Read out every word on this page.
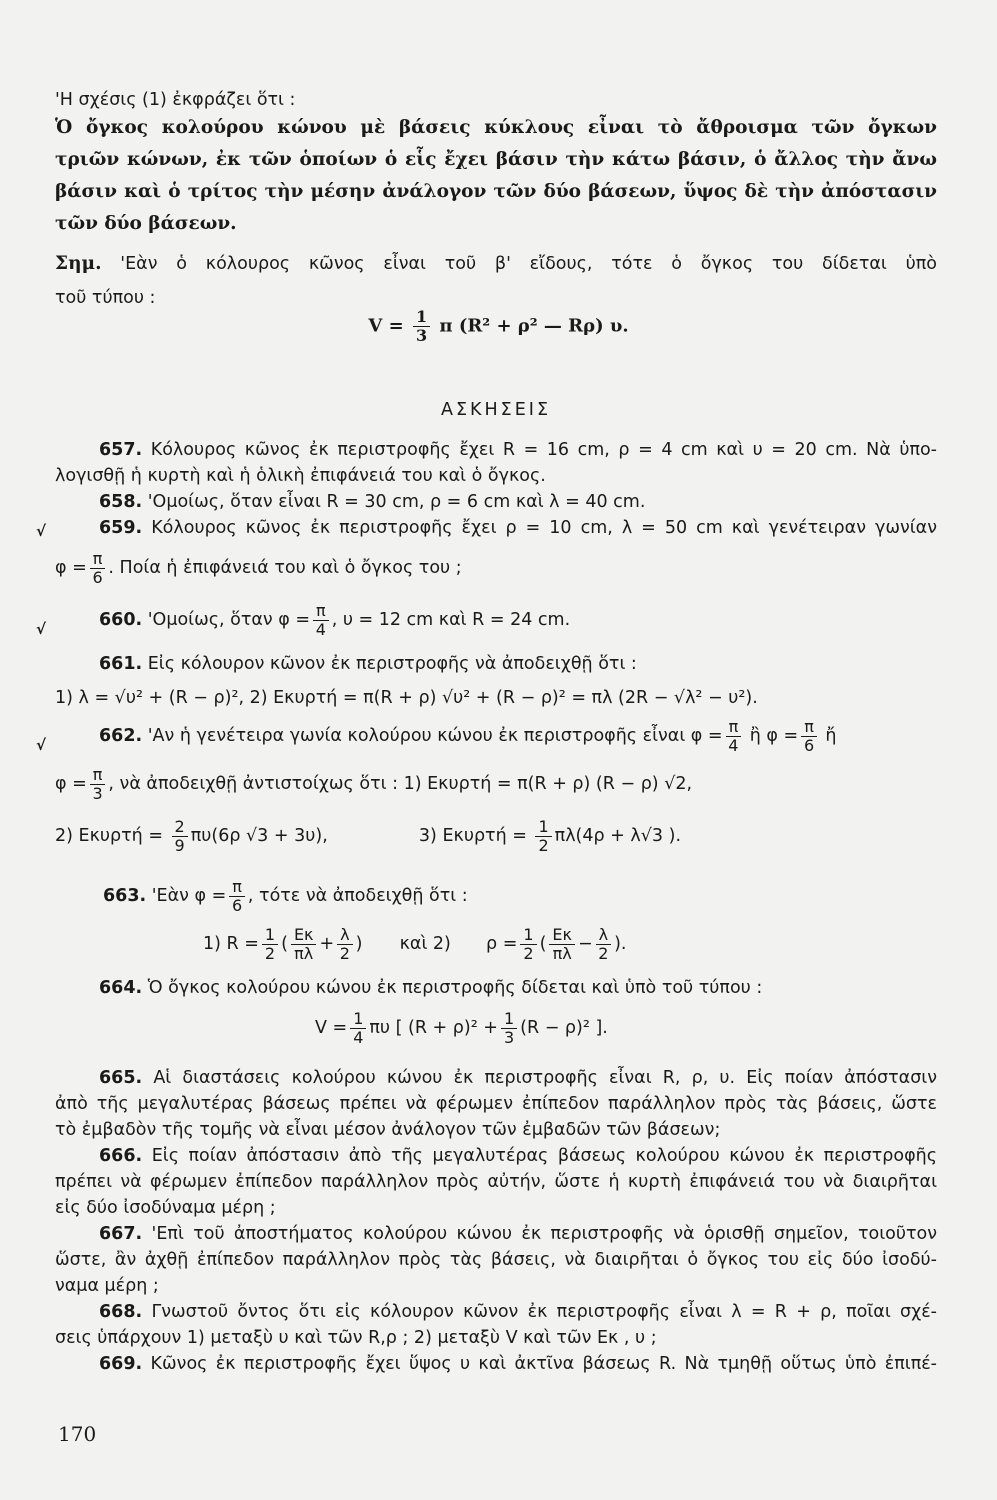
'Η σχέσις (1) ἐκφράζει ὅτι :
Ὁ ὄγκος κολούρου κώνου μὲ βάσεις κύκλους εἶναι τὸ ἄθροισμα τῶν ὄγκων
τριῶν κώνων, ἐκ τῶν ὁποίων ὁ εἷς ἔχει βάσιν τὴν κάτω βάσιν, ὁ ἄλλος τὴν ἄνω
βάσιν καὶ ὁ τρίτος τὴν μέσην ἀνάλογον τῶν δύο βάσεων, ὕψος δὲ τὴν ἀπόστασιν
τῶν δύο βάσεων.
Σημ. 'Εὰν ὁ κόλουρος κῶνος εἶναι τοῦ β' εἴδους, τότε ὁ ὄγκος του δίδεται ὑπὸ
τοῦ τύπου :
$V = \frac{1}{3}$ π (R² + ρ² — Rρ) υ.
ΑΣΚΗΣΕΙΣ
657. Κόλουρος κῶνος ἐκ περιστροφῆς ἔχει R = 16 cm, ρ = 4 cm καὶ υ = 20 cm. Νὰ ὑπο-
λογισθῇ ἡ κυρτὴ καὶ ἡ ὁλικὴ ἐπιφάνειά του καὶ ὁ ὄγκος.
658. 'Ομοίως, ὅταν εἶναι R = 30 cm, ρ = 6 cm καὶ λ = 40 cm.
√	659. Κόλουρος κῶνος ἐκ περιστροφῆς ἔχει ρ = 10 cm, λ = 50 cm καὶ γενέτειραν γωνίαν
$\varphi = \frac{\pi}{6}$ . Ποία ἡ ἐπιφάνειά του καὶ ὁ ὄγκος του ;
√	660. 'Ομοίως, ὅταν $\varphi = \frac{\pi}{4}$ , υ = 12 cm καὶ R = 24 cm.
661. Εἰς κόλουρον κῶνον ἐκ περιστροφῆς νὰ ἀποδειχθῇ ὅτι :
1) λ = √υ² + (R − ρ)², 2) Eκυρτή = π(R + ρ) √υ² + (R − ρ)² = πλ (2R − √λ² − υ²).
√	662. 'Αν ἡ γενέτειρα γωνία κολούρου κώνου ἐκ περιστροφῆς εἶναι $\varphi = \frac{\pi}{4}$ ἢ $\varphi = \frac{\pi}{6}$ ἤ
$\varphi = \frac{\pi}{3}$ , νὰ ἀποδειχθῇ ἀντιστοίχως ὅτι : 1) Eκυρτή = π(R + ρ) (R − ρ) √2,
2) $E\kappa\upsilon\rho\tau ή = \frac{2}{9} \pi\upsilon(6\rho$ √3 + 3υ),	3) $E\kappa\upsilon\rho\tau ή = \frac{1}{2} \pi\lambda(4\rho + \lambda√3$ ).
663. 'Εὰν $\varphi = \frac{\pi}{6}$ , τότε νὰ ἀποδειχθῇ ὅτι :
1) $R = \frac{1}{2}$ ( $\frac{E\kappa}{\pi\lambda} + \frac{\lambda}{2}$ )  καὶ 2) $\rho = \frac{1}{2}$ ( $\frac{E\kappa}{\pi\lambda} - \frac{\lambda}{2}$ ).
664. Ὁ ὄγκος κολούρου κώνου ἐκ περιστροφῆς δίδεται καὶ ὑπὸ τοῦ τύπου :
$V = \frac{1}{4}$ πυ [ $(R + \rho)^2 + \frac{1}{3} (R - \rho)^2$ ].
665. Αἱ διαστάσεις κολούρου κώνου ἐκ περιστροφῆς εἶναι R, ρ, υ. Εἰς ποίαν ἀπόστασιν
ἀπὸ τῆς μεγαλυτέρας βάσεως πρέπει νὰ φέρωμεν ἐπίπεδον παράλληλον πρὸς τὰς βάσεις, ὥστε
τὸ ἐμβαδὸν τῆς τομῆς νὰ εἶναι μέσον ἀνάλογον τῶν ἐμβαδῶν τῶν βάσεων;
666. Εἰς ποίαν ἀπόστασιν ἀπὸ τῆς μεγαλυτέρας βάσεως κολούρου κώνου ἐκ περιστροφῆς
πρέπει νὰ φέρωμεν ἐπίπεδον παράλληλον πρὸς αὐτήν, ὥστε ἡ κυρτὴ ἐπιφάνειά του νὰ διαιρῆται
εἰς δύο ἰσοδύναμα μέρη ;
667. 'Επὶ τοῦ ἀποστήματος κολούρου κώνου ἐκ περιστροφῆς νὰ ὁρισθῇ σημεῖον, τοιοῦτον
ὥστε, ἂν ἀχθῇ ἐπίπεδον παράλληλον πρὸς τὰς βάσεις, νὰ διαιρῆται ὁ ὄγκος του εἰς δύο ἰσοδύ-
ναμα μέρη ;
668. Γνωστοῦ ὄντος ὅτι εἰς κόλουρον κῶνον ἐκ περιστροφῆς εἶναι λ = R + ρ, ποῖαι σχέ-
σεις ὑπάρχουν 1) μεταξὺ υ καὶ τῶν R,ρ ; 2) μεταξὺ V καὶ τῶν Eκ , υ ;
669. Κῶνος ἐκ περιστροφῆς ἔχει ὕψος υ καὶ ἀκτῖνα βάσεως R. Νὰ τμηθῇ οὕτως ὑπὸ ἐπιπέ-
170
